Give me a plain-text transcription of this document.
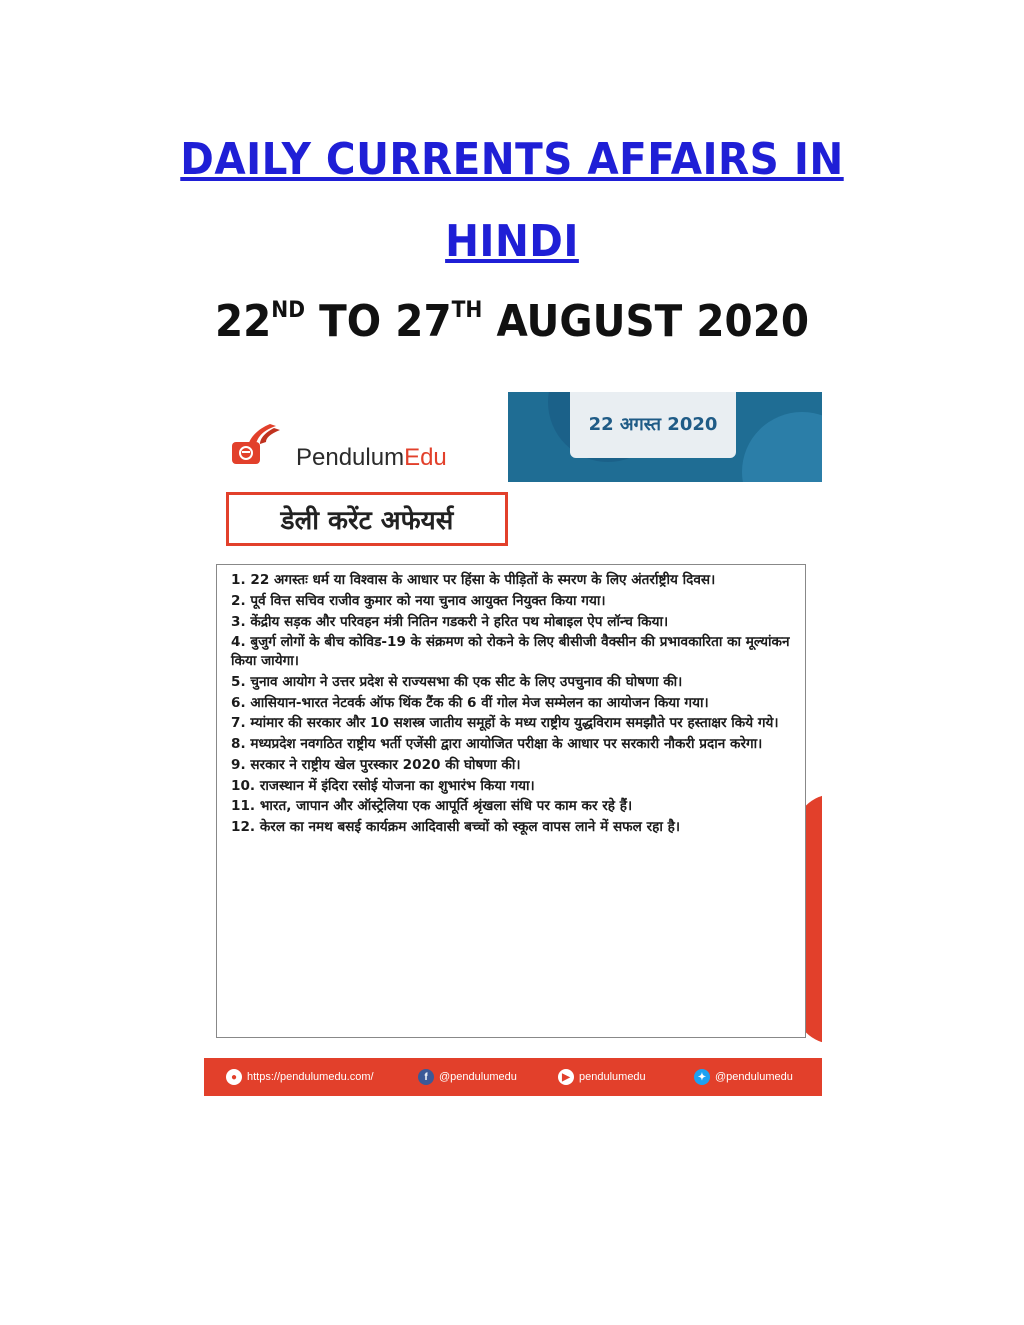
DAILY CURRENTS AFFAIRS IN
HINDI
22ND TO 27TH AUGUST 2020
PendulumEdu
22 अगस्त 2020
डेली करेंट अफेयर्स
1. 22 अगस्तः धर्म या विश्वास के आधार पर हिंसा के पीड़ितों के स्मरण के लिए अंतर्राष्ट्रीय दिवस।
2. पूर्व वित्त सचिव राजीव कुमार को नया चुनाव आयुक्त नियुक्त किया गया।
3. केंद्रीय सड़क और परिवहन मंत्री नितिन गडकरी ने हरित पथ मोबाइल ऐप लॉन्च किया।
4. बुजुर्ग लोगों के बीच कोविड-19 के संक्रमण को रोकने के लिए बीसीजी वैक्सीन की प्रभावकारिता का मूल्यांकन किया जायेगा।
5. चुनाव आयोग ने उत्तर प्रदेश से राज्यसभा की एक सीट के लिए उपचुनाव की घोषणा की।
6. आसियान-भारत नेटवर्क ऑफ थिंक टैंक की 6 वीं गोल मेज सम्मेलन का आयोजन किया गया।
7. म्यांमार की सरकार और 10 सशस्त्र जातीय समूहों के मध्य राष्ट्रीय युद्धविराम समझौते पर हस्ताक्षर किये गये।
8. मध्यप्रदेश नवगठित राष्ट्रीय भर्ती एजेंसी द्वारा आयोजित परीक्षा के आधार पर सरकारी नौकरी प्रदान करेगा।
9. सरकार ने राष्ट्रीय खेल पुरस्कार 2020 की घोषणा की।
10. राजस्थान में इंदिरा रसोई योजना का शुभारंभ किया गया।
11. भारत, जापान और ऑस्ट्रेलिया एक आपूर्ति श्रृंखला संधि पर काम कर रहे हैं।
12. केरल का नमथ बसई कार्यक्रम आदिवासी बच्चों को स्कूल वापस लाने में सफल रहा है।
● https://pendulumedu.com/	f	@pendulumedu	▶ pendulumedu	✦ @pendulumedu
